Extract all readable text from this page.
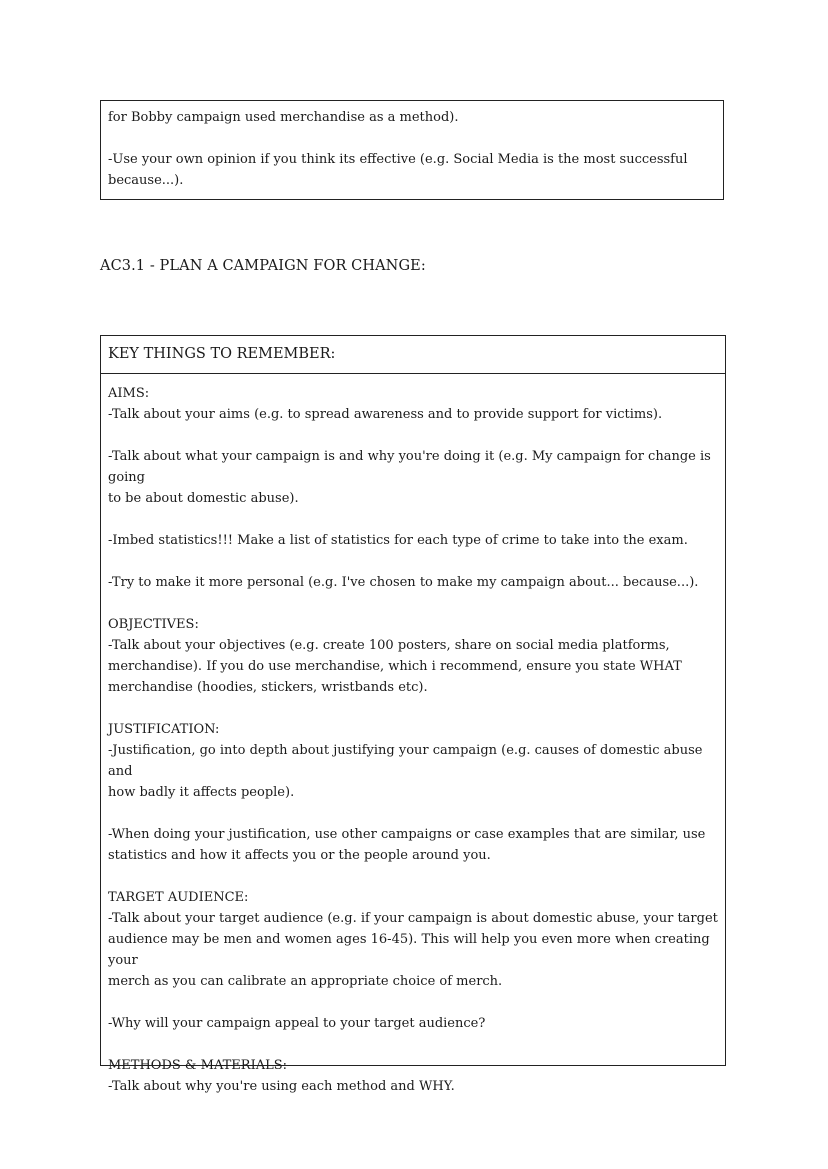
for Bobby campaign used merchandise as a method).

-Use your own opinion if you think its effective (e.g. Social Media is the most successful

because...).

AC3.1 - PLAN A CAMPAIGN FOR CHANGE:
KEY THINGS TO REMEMBER:

AIMS:

-Talk about your aims (e.g. to spread awareness and to provide support for victims).

-Talk about what your campaign is and why you're doing it (e.g. My campaign for change is going

to be about domestic abuse).

-Imbed statistics!!! Make a list of statistics for each type of crime to take into the exam.

-Try to make it more personal (e.g. I've chosen to make my campaign about... because...).

OBJECTIVES:

-Talk about your objectives (e.g. create 100 posters, share on social media platforms,

merchandise). If you do use merchandise, which i recommend, ensure you state WHAT

merchandise (hoodies, stickers, wristbands etc).

JUSTIFICATION:

-Justification, go into depth about justifying your campaign (e.g. causes of domestic abuse and

how badly it affects people).

-When doing your justification, use other campaigns or case examples that are similar, use

statistics and how it affects you or the people around you.

TARGET AUDIENCE:

-Talk about your target audience (e.g. if your campaign is about domestic abuse, your target

audience may be men and women ages 16-45). This will help you even more when creating your

merch as you can calibrate an appropriate choice of merch.

-Why will your campaign appeal to your target audience?

METHODS & MATERIALS:

-Talk about why you're using each method and WHY.
